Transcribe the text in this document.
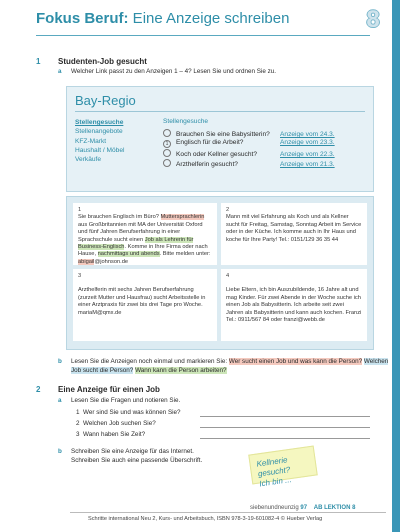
Fokus Beruf: Eine Anzeige schreiben	8
1 Studenten-Job gesucht
a Welcher Link passt zu den Anzeigen 1 – 4? Lesen Sie und ordnen Sie zu.
Bay-Regio
Stellengesuche
Stellenangebote
KFZ-Markt
Haushalt / Möbel
Verkäufe
Stellengesuche
Brauchen Sie eine Babysitterin? Anzeige vom 24.3.
1 Englisch für die Arbeit?	Anzeige vom 23.3.
Koch oder Kellner gesucht?	Anzeige vom 22.3.
Arzthelferin gesucht?	Anzeige vom 21.3.
1
Sie brauchen Englisch im Büro? Muttersprachlerin aus Großbritannien mit MA der Universität Oxford und fünf Jahren Berufserfahrung in einer Sprachschule sucht einen Job als Lehrerin für Business-Englisch. Komme in Ihre Firma oder nach Hause, nachmittags und abends. Bitte melden unter: abigail@johnson.de
2
Mann mit viel Erfahrung als Koch und als Kellner sucht für Freitag, Samstag, Sonntag Arbeit im Service oder in der Küche. Ich komme auch in Ihr Haus und koche für Ihre Party! Tel.: 0151/129 36 35 44
3
Arzthelferin mit sechs Jahren Berufserfahrung (zurzeit Mutter und Hausfrau) sucht Arbeitsstelle in einer Arztpraxis für zwei bis drei Tage pro Woche. mariaM@qmx.de
4
Liebe Eltern, ich bin Auszubildende, 16 Jahre alt und mag Kinder. Für zwei Abende in der Woche suche ich einen Job als Babysitterin. Ich arbeite seit zwei Jahren als Babysitterin und kann auch kochen. Franzi Tel.: 0911/567 84 oder franzi@webb.de
b Lesen Sie die Anzeigen noch einmal und markieren Sie: Wer sucht einen Job und was kann die Person? Welchen Job sucht die Person? Wann kann die Person arbeiten?
2 Eine Anzeige für einen Job
a Lesen Sie die Fragen und notieren Sie.
1 Wer sind Sie und was können Sie?
2 Welchen Job suchen Sie?
3 Wann haben Sie Zeit?
b Schreiben Sie eine Anzeige für das Internet.
Schreiben Sie auch eine passende Überschrift.	Kellnerie gesucht?
Ich bin ...
siebenundneunzig 97 AB LEKTION 8
Schritte international Neu 2, Kurs- und Arbeitsbuch, ISBN 978-3-19-601082-4 © Hueber Verlag
